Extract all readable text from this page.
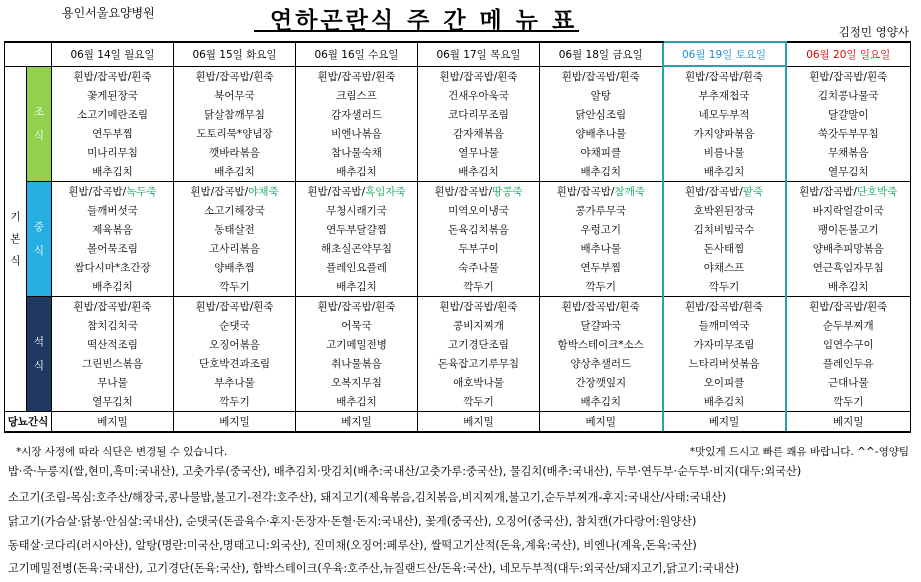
용인서울요양병원	연하곤란식 주 간 메 뉴 표	김정민 영양사
		06월 14일 월요일	06월 15일 화요일	06월 16일 수요일	06월 17일 목요일	06월 18일 금요일	06월 19일 토요일	06월 20일 일요일
기본식	조식	흰밥/잡곡밥/흰죽	흰밥/잡곡밥/흰죽	흰밥/잡곡밥/흰죽	흰밥/잡곡밥/흰죽	흰밥/잡곡밥/흰죽	흰밥/잡곡밥/흰죽	흰밥/잡곡밥/흰죽
		꽃게된장국	북어무국	크림스프	건새우아욱국	알탕	부추재첩국	김치콩나물국
		소고기메란조림	닭살참깨무침	감자샐러드	코다리무조림	닭안심조림	네모두부적	달걀말이
		연두부찜	도토리묵*양념장	비엔나볶음	감자채볶음	양배추나물	가지양파볶음	쑥갓두부무침
		미나리무침	깻바라볶음	참나물숙채	열무나물	야채피클	비름나물	무채볶음
		배추김치	배추김치	배추김치	배추김치	배추김치	배추김치	열무김치
	중식	흰밥/잡곡밥/녹두죽	흰밥/잡곡밥/야채죽	흰밥/잡곡밥/흑임자죽	흰밥/잡곡밥/땅콩죽	흰밥/잡곡밥/참깨죽	흰밥/잡곡밥/팥죽	흰밥/잡곡밥/단호박죽
		들깨버섯국	소고기해장국	무청시래기국	미역오이냉국	콩가루무국	호박왼된장국	바지락얼갈이국
		제육볶음	동태살전	연두부달걀찜	돈육김치볶음	우렁고기	김치비빔국수	팽이돈불고기
		볼어묵조림	고사리볶음	해초실곤약무침	두부구이	배추나물	돈사태찜	양배추피망볶음
		쌈다시마*초간장	양배추찜	플레인요플레	숙주나물	연두부찜	야채스프	연근흑임자무침
		배추김치	깍두기	배추김치	깍두기	깍두기	깍두기	배추김치
	석식	흰밥/잡곡밥/흰죽	흰밥/잡곡밥/흰죽	흰밥/잡곡밥/흰죽	흰밥/잡곡밥/흰죽	흰밥/잡곡밥/흰죽	흰밥/잡곡밥/흰죽	흰밥/잡곡밥/흰죽
		참치김치국	순댓국	어묵국	콩비지찌개	달걀파국	들깨미역국	순두부찌개
		떡산적조림	오징어볶음	고기메밀전병	고기경단조림	함박스테이크*소스	가자미무조림	임연수구이
		그린빈스볶음	단호박견과조림	취나물볶음	돈육잡고기루무침	양상추샐러드	느타리버섯볶음	플레인두유
		무나물	부추나물	오복지무침	애호박나물	간장깻잎지	오이피클	근대나물
		열무김치	깍두기	배추김치	깍두기	배추김치	배추김치	깍두기
당뇨간식		베지밀	베지밀	베지밀	베지밀	베지밀	베지밀	베지밀
*시장 사정에 따라 식단은 변경될 수 있습니다.	*맛있게 드시고 빠른 쾌유 바랍니다. ^^-영양팀
밥·죽·누룽지(쌀,현미,흑미:국내산), 고춧가루(중국산), 배추김치·맛김치(배추:국내산/고춧가루:중국산), 물김치(배추:국내산), 두부·연두부·순두부·비지(대두:외국산)
소고기(조림-목심:호주산/해장국,콩나물밥,불고기-전각:호주산), 돼지고기(제육볶음,김치볶음,비지찌개,불고기,순두부찌개-후지:국내산/사태:국내산)
닭고기(가슴살·닭봉·안심살:국내산), 순댓국(돈골육수·후지·돈장자·돈혈·돈지:국내산), 꽃게(중국산), 오징어(중국산), 참치캔(가다랑어:원양산)
동태살·코다리(러시아산), 알탕(명란:미국산,명태고니:외국산), 진미채(오징어:페루산), 쌀떡고기산적(돈육,계육:국산), 비엔나(계육,돈육:국산)
고기메밀전병(돈육:국내산), 고기경단(돈육:국산), 함박스테이크(우육:호주산,뉴질랜드산/돈육:국산), 네모두부적(대두:외국산/돼지고기,닭고기:국내산)
